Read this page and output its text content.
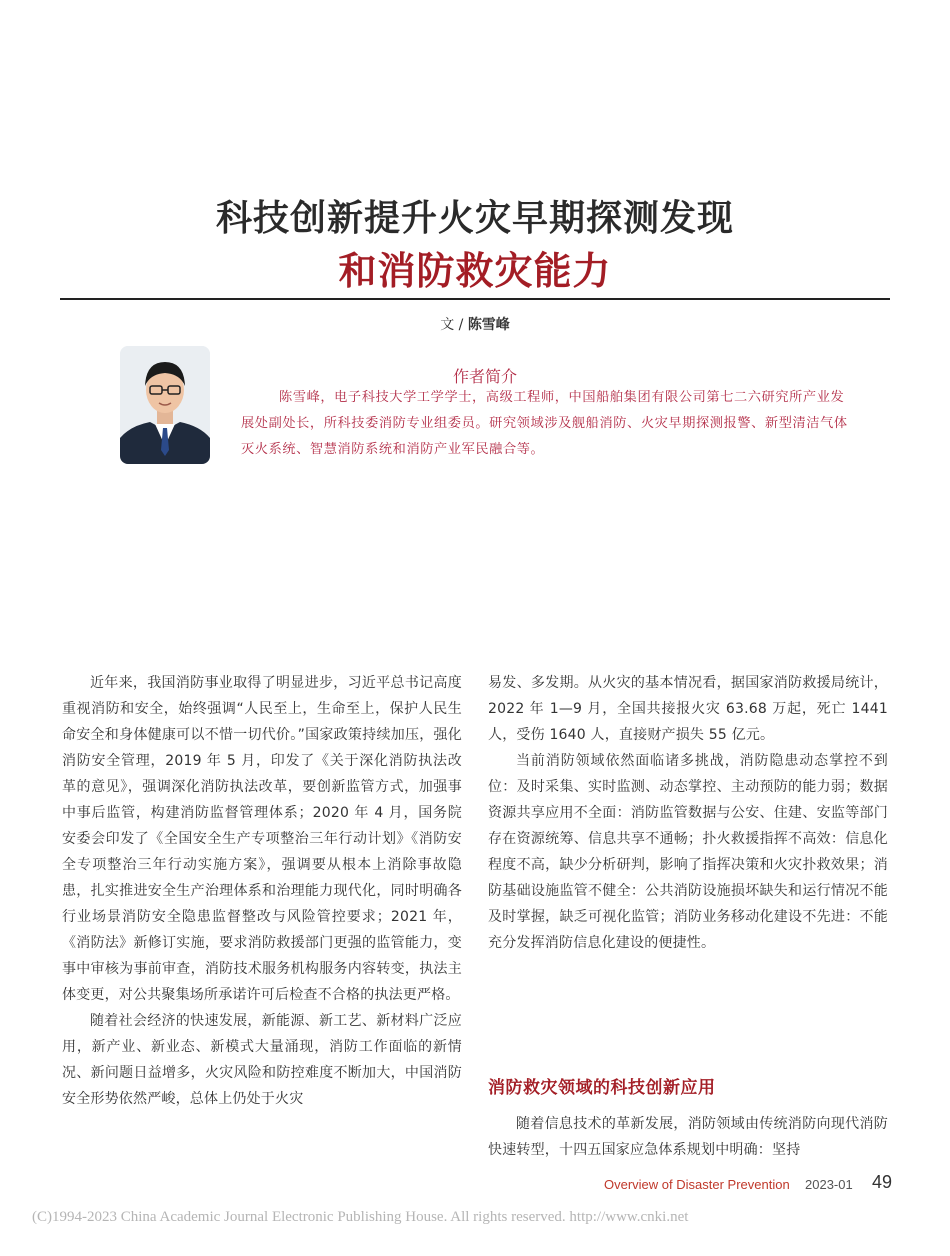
科技创新提升火灾早期探测发现
和消防救灾能力
文 / 陈雪峰
作者简介

陈雪峰，电子科技大学工学学士，高级工程师，中国船舶集团有限公司第七二六研究所产业发展处副处长，所科技委消防专业组委员。研究领域涉及舰船消防、火灾早期探测报警、新型清洁气体灭火系统、智慧消防系统和消防产业军民融合等。

近年来，我国消防事业取得了明显进步，习近平总书记高度重视消防和安全，始终强调“人民至上，生命至上，保护人民生命安全和身体健康可以不惜一切代价。”国家政策持续加压，强化消防安全管理，2019 年 5 月，印发了《关于深化消防执法改革的意见》，强调深化消防执法改革，要创新监管方式，加强事中事后监管，构建消防监督管理体系；2020 年 4 月，国务院安委会印发了《全国安全生产专项整治三年行动计划》《消防安全专项整治三年行动实施方案》，强调要从根本上消除事故隐患，扎实推进安全生产治理体系和治理能力现代化，同时明确各行业场景消防安全隐患监督整改与风险管控要求；2021 年，《消防法》新修订实施，要求消防救援部门更强的监管能力，变事中审核为事前审查，消防技术服务机构服务内容转变，执法主体变更，对公共聚集场所承诺许可后检查不合格的执法更严格。

随着社会经济的快速发展，新能源、新工艺、新材料广泛应用，新产业、新业态、新模式大量涌现，消防工作面临的新情况、新问题日益增多，火灾风险和防控难度不断加大，中国消防安全形势依然严峻，总体上仍处于火灾

易发、多发期。从火灾的基本情况看，据国家消防救援局统计，2022 年 1—9 月，全国共接报火灾 63.68 万起，死亡 1441 人，受伤 1640 人，直接财产损失 55 亿元。

当前消防领域依然面临诸多挑战，消防隐患动态掌控不到位：及时采集、实时监测、动态掌控、主动预防的能力弱；数据资源共享应用不全面：消防监管数据与公安、住建、安监等部门存在资源统筹、信息共享不通畅；扑火救援指挥不高效：信息化程度不高，缺少分析研判，影响了指挥决策和火灾扑救效果；消防基础设施监管不健全：公共消防设施损坏缺失和运行情况不能及时掌握，缺乏可视化监管；消防业务移动化建设不先进：不能充分发挥消防信息化建设的便捷性。

消防救灾领域的科技创新应用

随着信息技术的革新发展，消防领域由传统消防向现代消防快速转型，十四五国家应急体系规划中明确：坚持

Overview of Disaster Prevention 2023-01 49
(C)1994-2023 China Academic Journal Electronic Publishing House. All rights reserved. http://www.cnki.net
